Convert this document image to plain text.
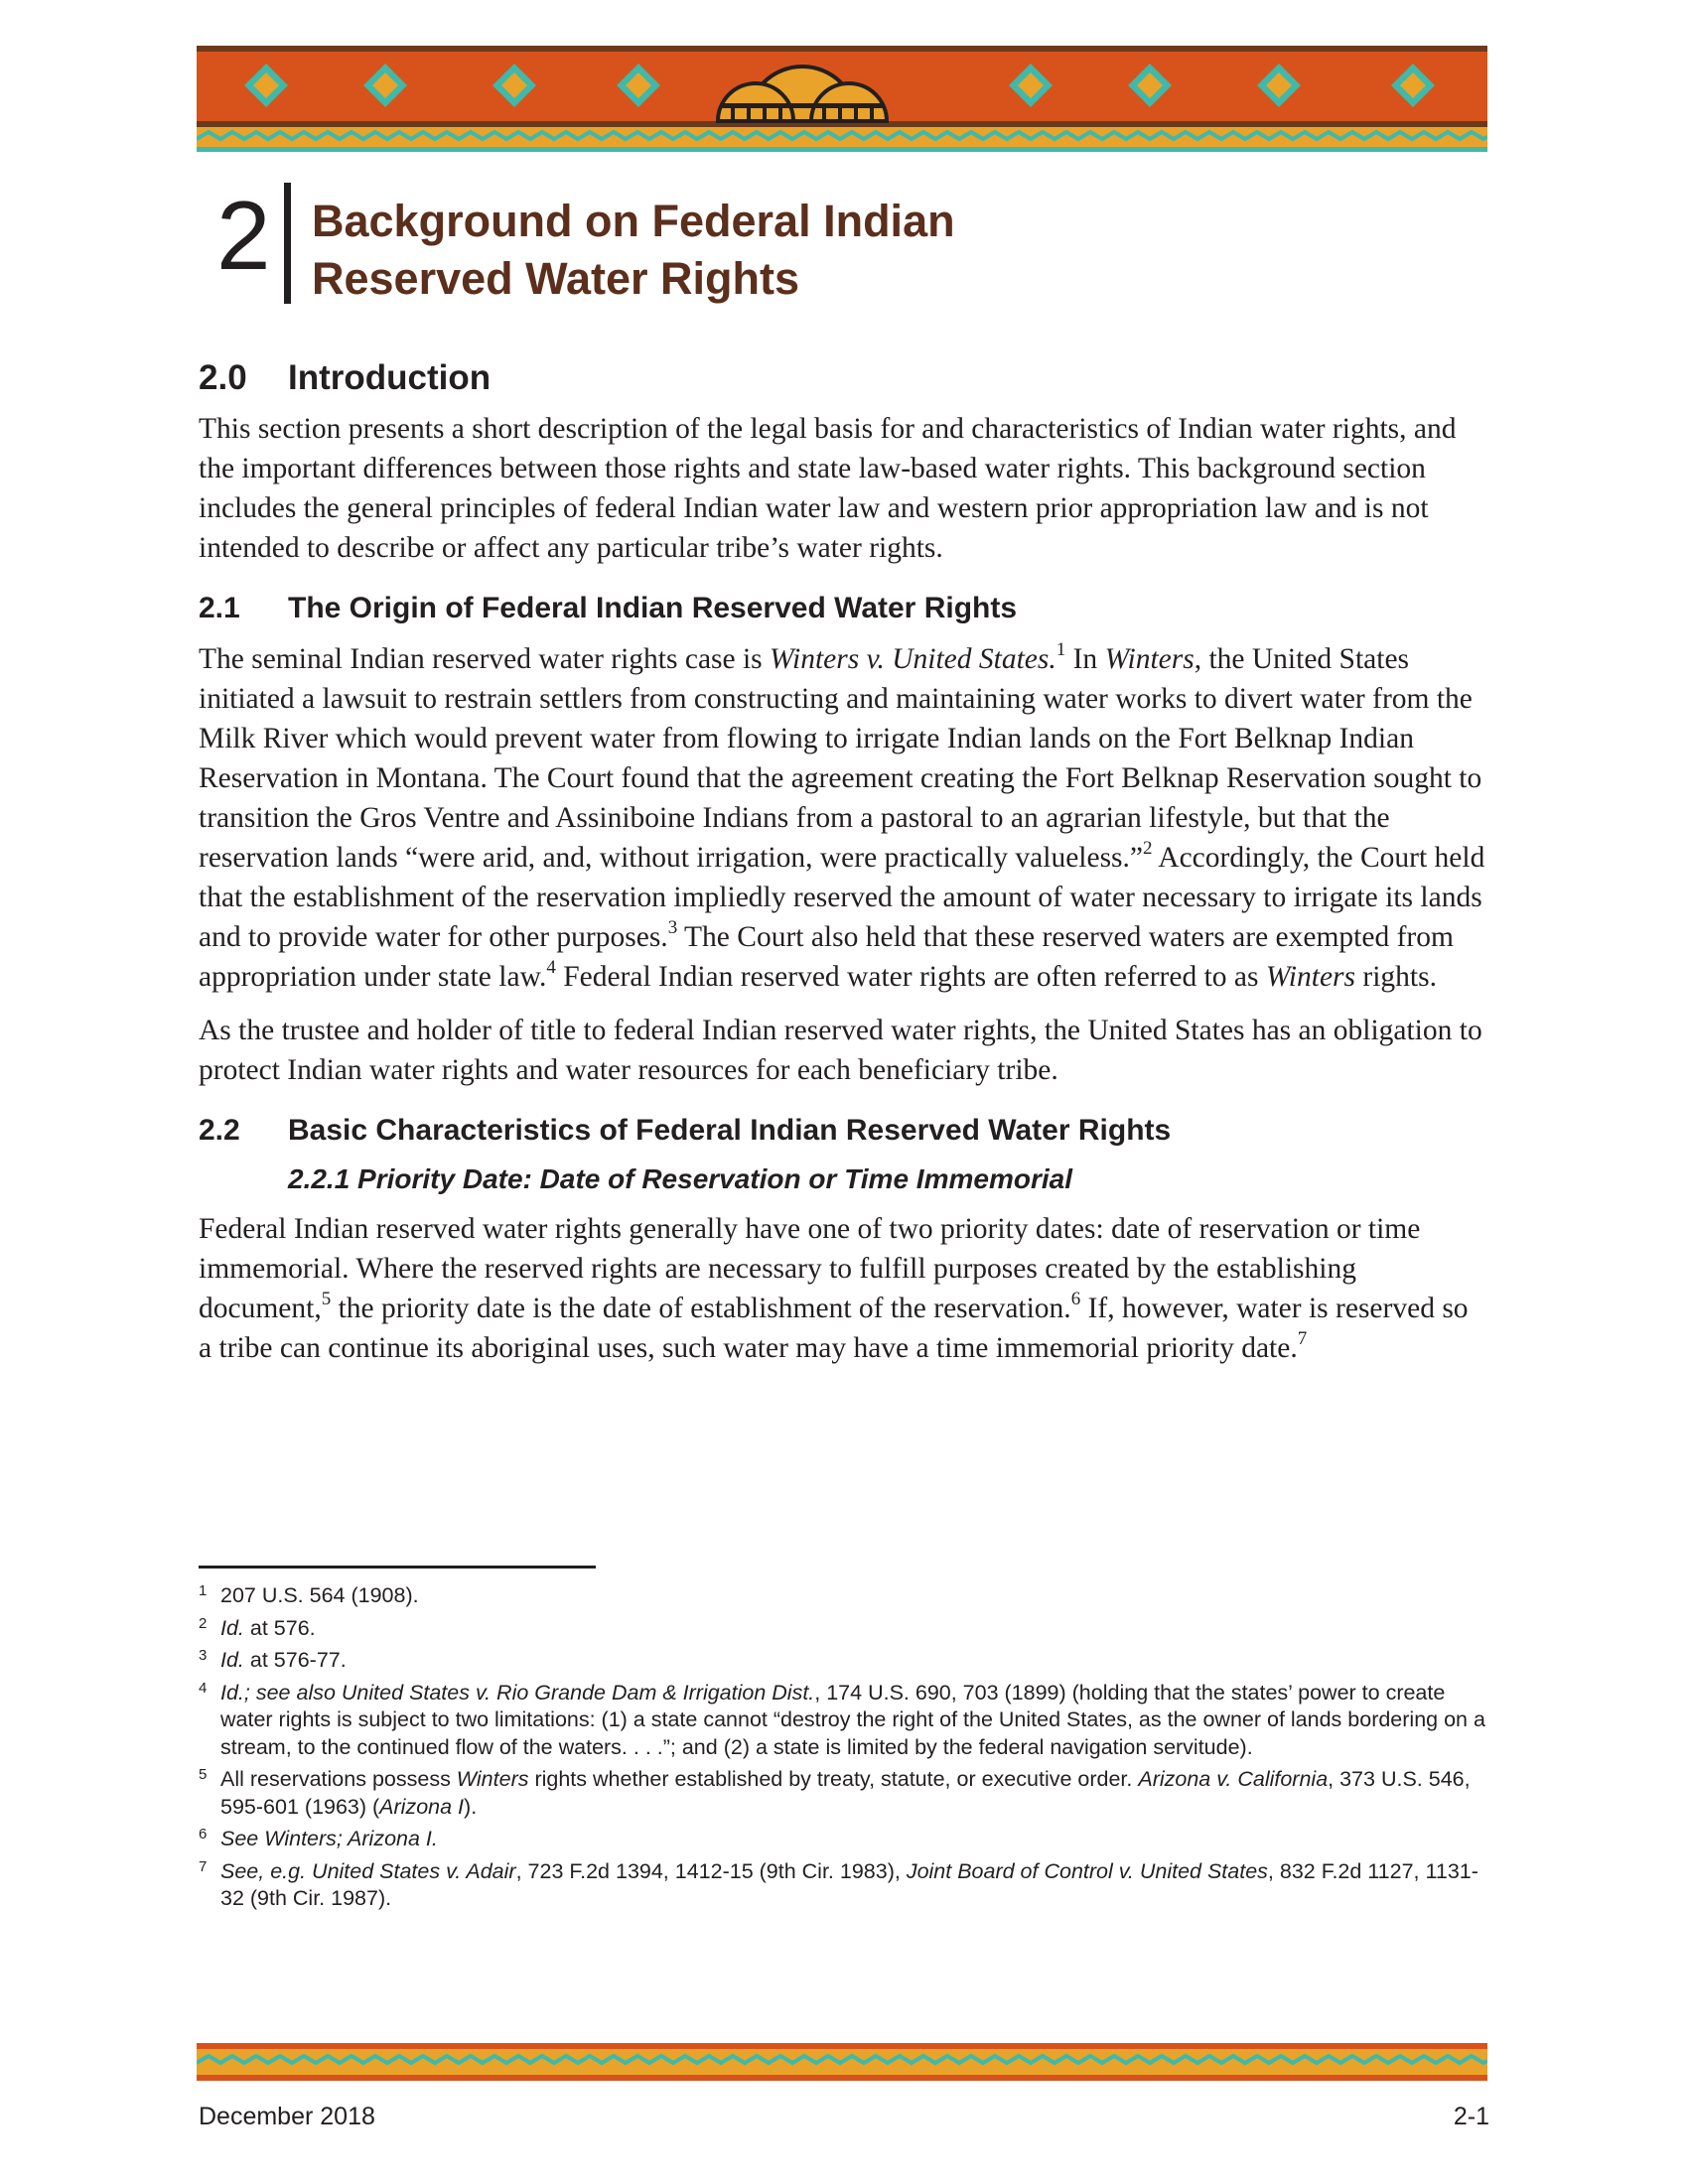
2 Background on Federal Indian
Reserved Water Rights
2.0 Introduction

This section presents a short description of the legal basis for and characteristics of Indian water rights, and the important differences between those rights and state law-based water rights. This background section includes the general principles of federal Indian water law and western prior appropriation law and is not intended to describe or affect any particular tribe’s water rights.

2.1 The Origin of Federal Indian Reserved Water Rights

The seminal Indian reserved water rights case is Winters v. United States.$^1$ In Winters, the United States initiated a lawsuit to restrain settlers from constructing and maintaining water works to divert water from the Milk River which would prevent water from flowing to irrigate Indian lands on the Fort Belknap Indian Reservation in Montana. The Court found that the agreement creating the Fort Belknap Reservation sought to transition the Gros Ventre and Assiniboine Indians from a pastoral to an agrarian lifestyle, but that the reservation lands “were arid, and, without irrigation, were practically valueless.”$^2$ Accordingly, the Court held that the establishment of the reservation impliedly reserved the amount of water necessary to irrigate its lands and to provide water for other purposes.$^3$ The Court also held that these reserved waters are exempted from appropriation under state law.$^4$ Federal Indian reserved water rights are often referred to as Winters rights.

As the trustee and holder of title to federal Indian reserved water rights, the United States has an obligation to protect Indian water rights and water resources for each beneficiary tribe.

2.2 Basic Characteristics of Federal Indian Reserved Water Rights
2.2.1 Priority Date: Date of Reservation or Time Immemorial

Federal Indian reserved water rights generally have one of two priority dates: date of reservation or time immemorial. Where the reserved rights are necessary to fulfill purposes created by the establishing document,$^5$ the priority date is the date of establishment of the reservation.$^6$ If, however, water is reserved so a tribe can continue its aboriginal uses, such water may have a time immemorial priority date.$^7$

1 207 U.S. 564 (1908).
2 Id. at 576.
3 Id. at 576-77.
4 Id.; see also United States v. Rio Grande Dam & Irrigation Dist., 174 U.S. 690, 703 (1899) (holding that the states’ power to create water rights is subject to two limitations: (1) a state cannot “destroy the right of the United States, as the owner of lands bordering on a stream, to the continued flow of the waters. . . .”; and (2) a state is limited by the federal navigation servitude).
5 All reservations possess Winters rights whether established by treaty, statute, or executive order. Arizona v. California, 373 U.S. 546, 595-601 (1963) (Arizona I).
6 See Winters; Arizona I.
7 See, e.g. United States v. Adair, 723 F.2d 1394, 1412-15 (9th Cir. 1983), Joint Board of Control v. United States, 832 F.2d 1127, 1131-32 (9th Cir. 1987).
December 2018	2-1
